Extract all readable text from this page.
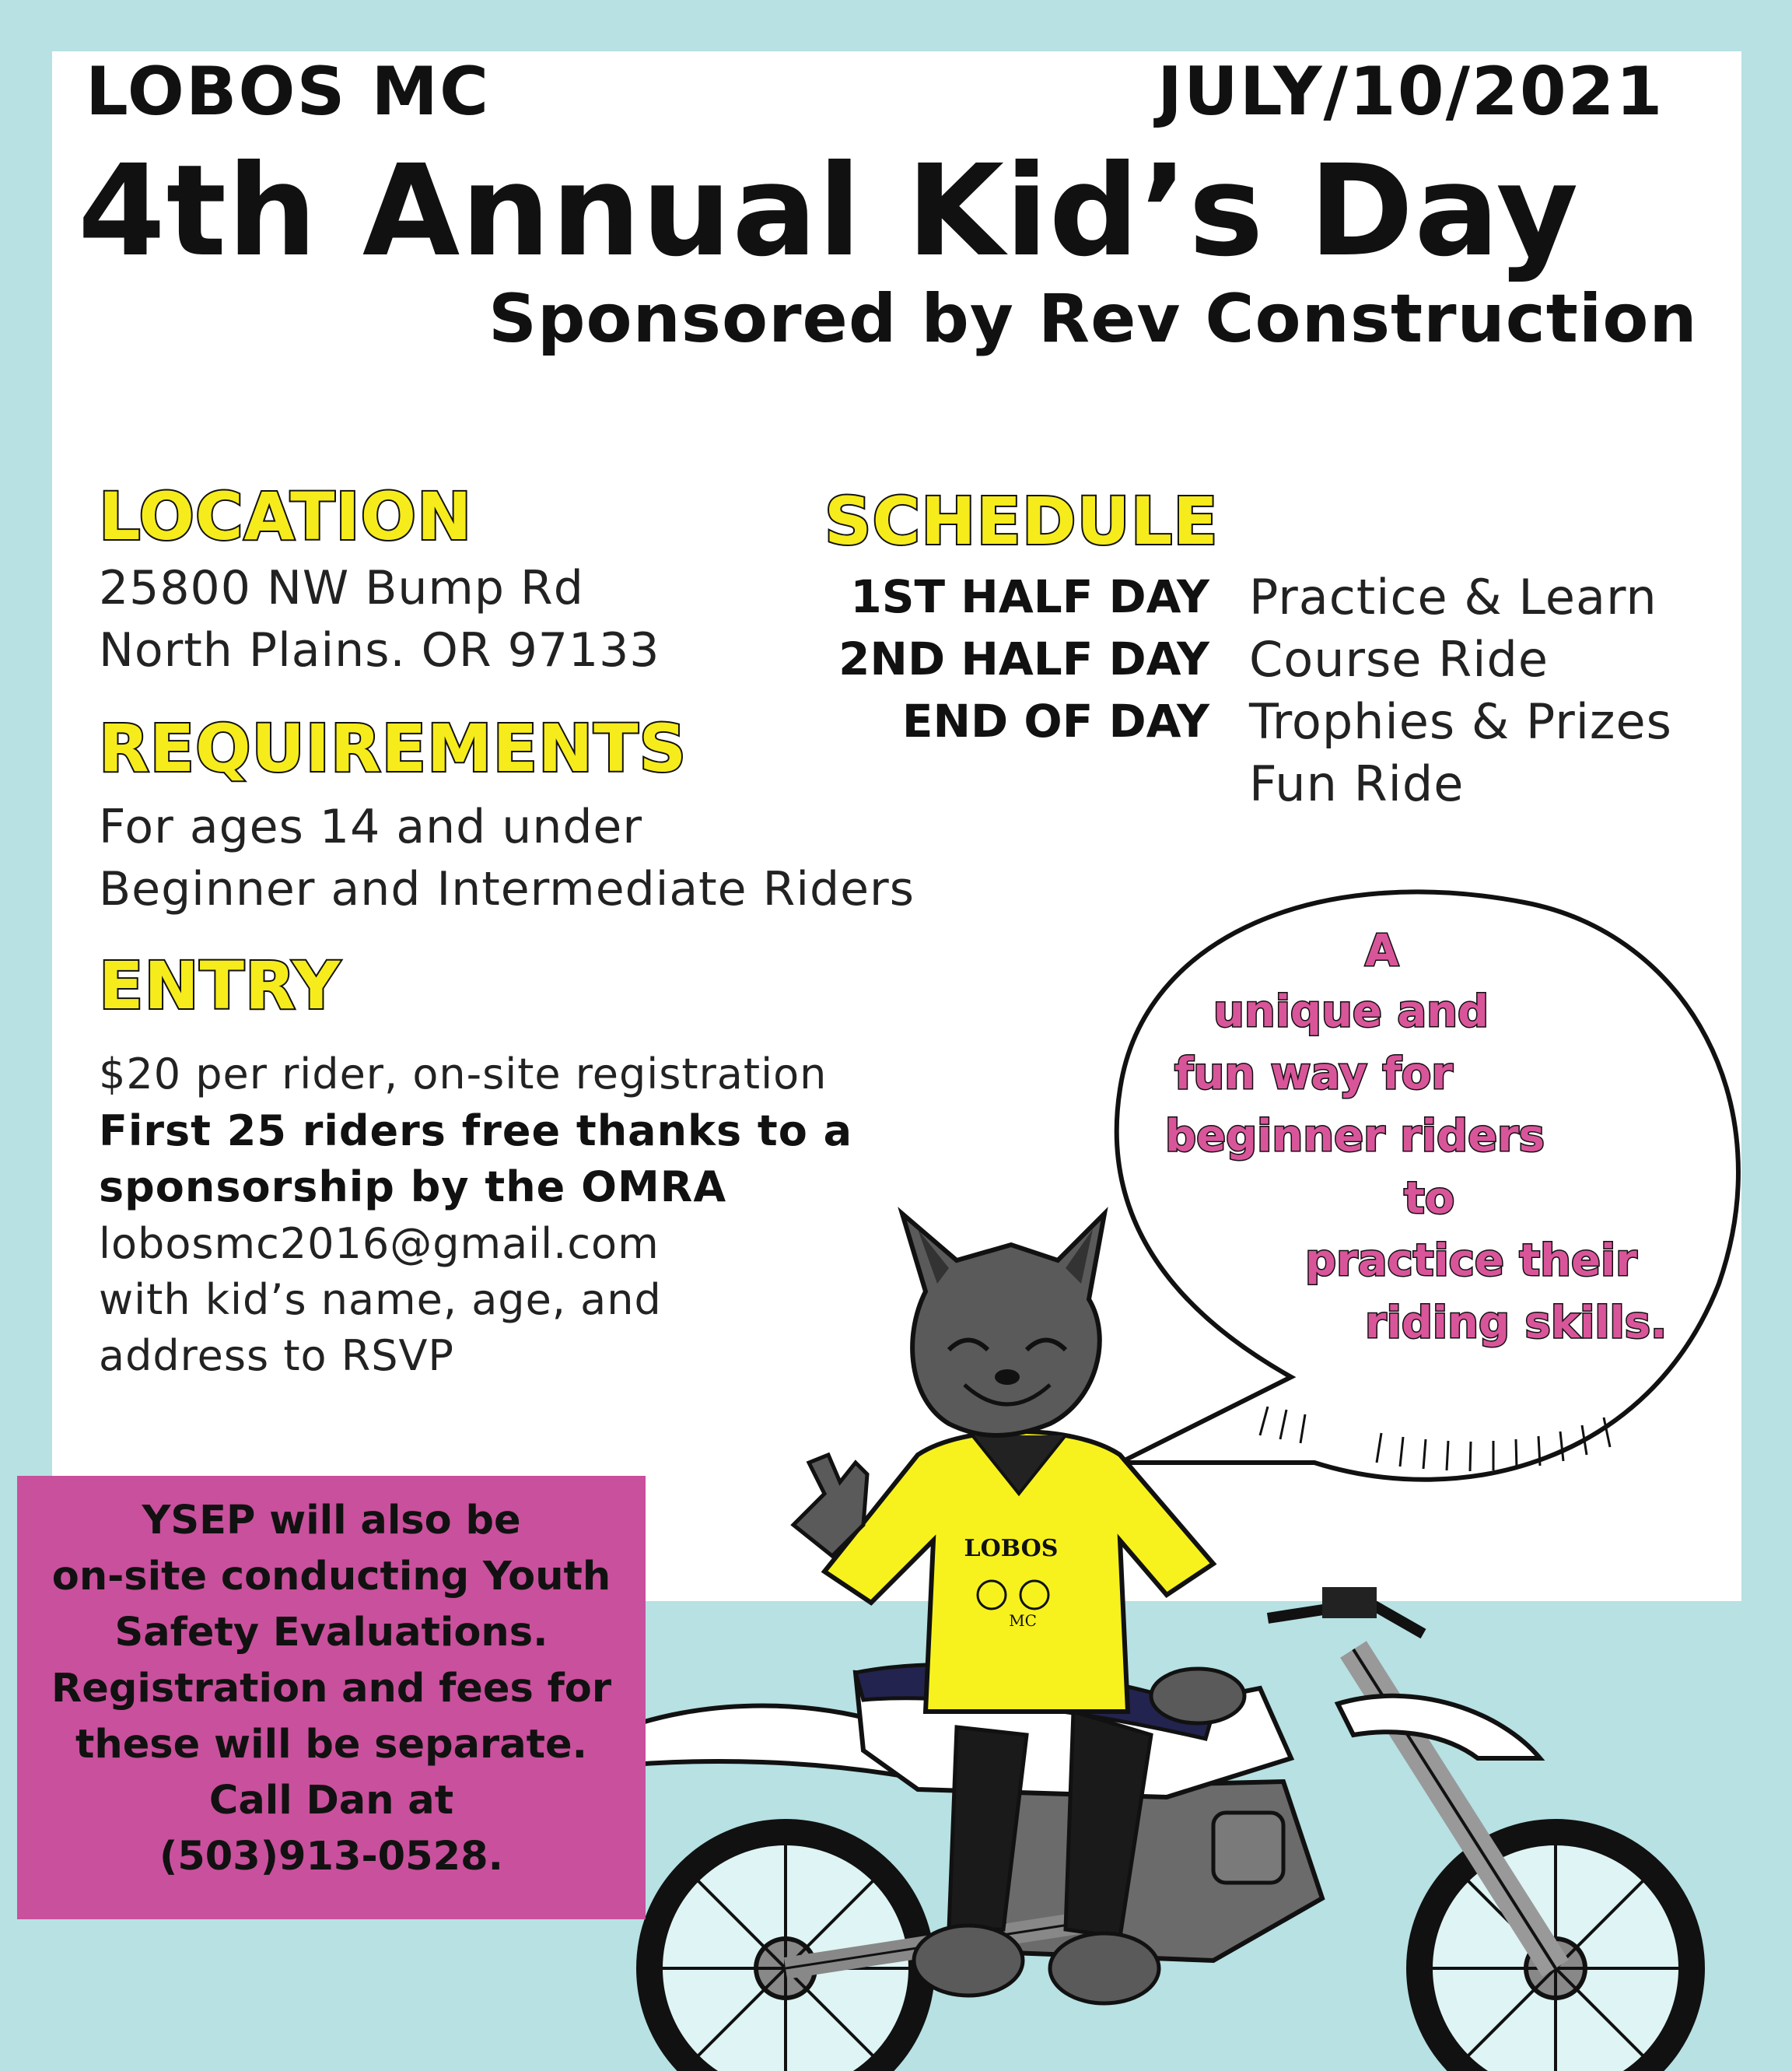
LOBOS MC	JULY/10/2021
4th Annual Kid’s Day
Sponsored by Rev Construction
LOCATION
25800 NW Bump Rd
North Plains. OR 97133
REQUIREMENTS
For ages 14 and under
Beginner and Intermediate Riders
ENTRY
$20 per rider, on-site registration
First 25 riders free thanks to a
sponsorship by the OMRA
lobosmc2016@gmail.com
with kid’s name, age, and
address to RSVP
SCHEDULE
1ST HALF DAY Practice & Learn
2ND HALF DAY Course Ride
END OF DAY Trophies & Prizes
Fun Ride
LOBOS
MC
A
unique and
fun way for
beginner riders
to
practice their
riding skills.
YSEP will also be
on-site conducting Youth
Safety Evaluations.
Registration and fees for
these will be separate.
Call Dan at
(503)913-0528.
